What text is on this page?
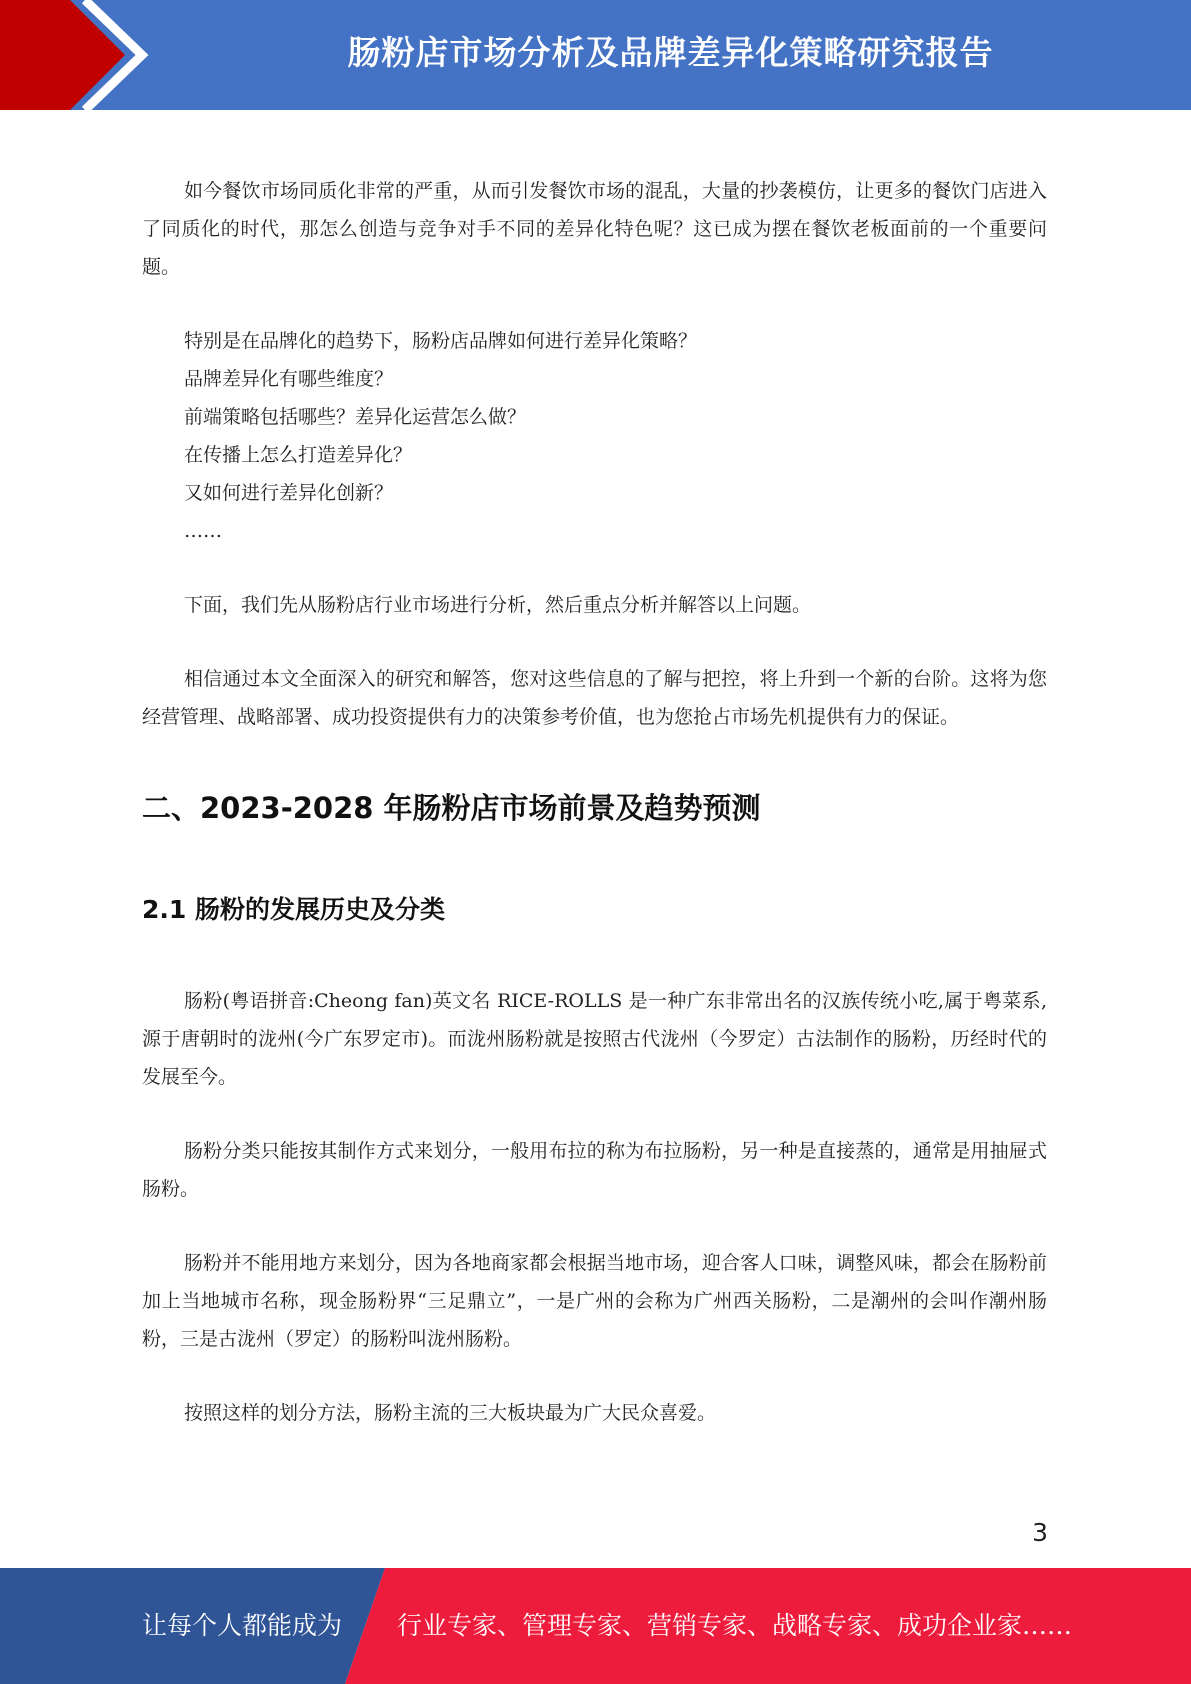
肠粉店市场分析及品牌差异化策略研究报告

如今餐饮市场同质化非常的严重，从而引发餐饮市场的混乱，大量的抄袭模仿，让更多的餐饮门店进入了同质化的时代，那怎么创造与竞争对手不同的差异化特色呢？这已成为摆在餐饮老板面前的一个重要问题。

特别是在品牌化的趋势下，肠粉店品牌如何进行差异化策略？
品牌差异化有哪些维度？
前端策略包括哪些？差异化运营怎么做？
在传播上怎么打造差异化？
又如何进行差异化创新？
……

下面，我们先从肠粉店行业市场进行分析，然后重点分析并解答以上问题。

相信通过本文全面深入的研究和解答，您对这些信息的了解与把控，将上升到一个新的台阶。这将为您经营管理、战略部署、成功投资提供有力的决策参考价值，也为您抢占市场先机提供有力的保证。

二、2023-2028 年肠粉店市场前景及趋势预测
2.1 肠粉的发展历史及分类

肠粉(粤语拼音:Cheong fan)英文名 RICE-ROLLS 是一种广东非常出名的汉族传统小吃,属于粤菜系,源于唐朝时的泷州(今广东罗定市)。而泷州肠粉就是按照古代泷州（今罗定）古法制作的肠粉，历经时代的发展至今。

肠粉分类只能按其制作方式来划分，一般用布拉的称为布拉肠粉，另一种是直接蒸的，通常是用抽屉式肠粉。

肠粉并不能用地方来划分，因为各地商家都会根据当地市场，迎合客人口味，调整风味，都会在肠粉前加上当地城市名称，现金肠粉界“三足鼎立”，一是广州的会称为广州西关肠粉，二是潮州的会叫作潮州肠粉，三是古泷州（罗定）的肠粉叫泷州肠粉。

按照这样的划分方法，肠粉主流的三大板块最为广大民众喜爱。

3
让每个人都能成为 行业专家、管理专家、营销专家、战略专家、成功企业家……
